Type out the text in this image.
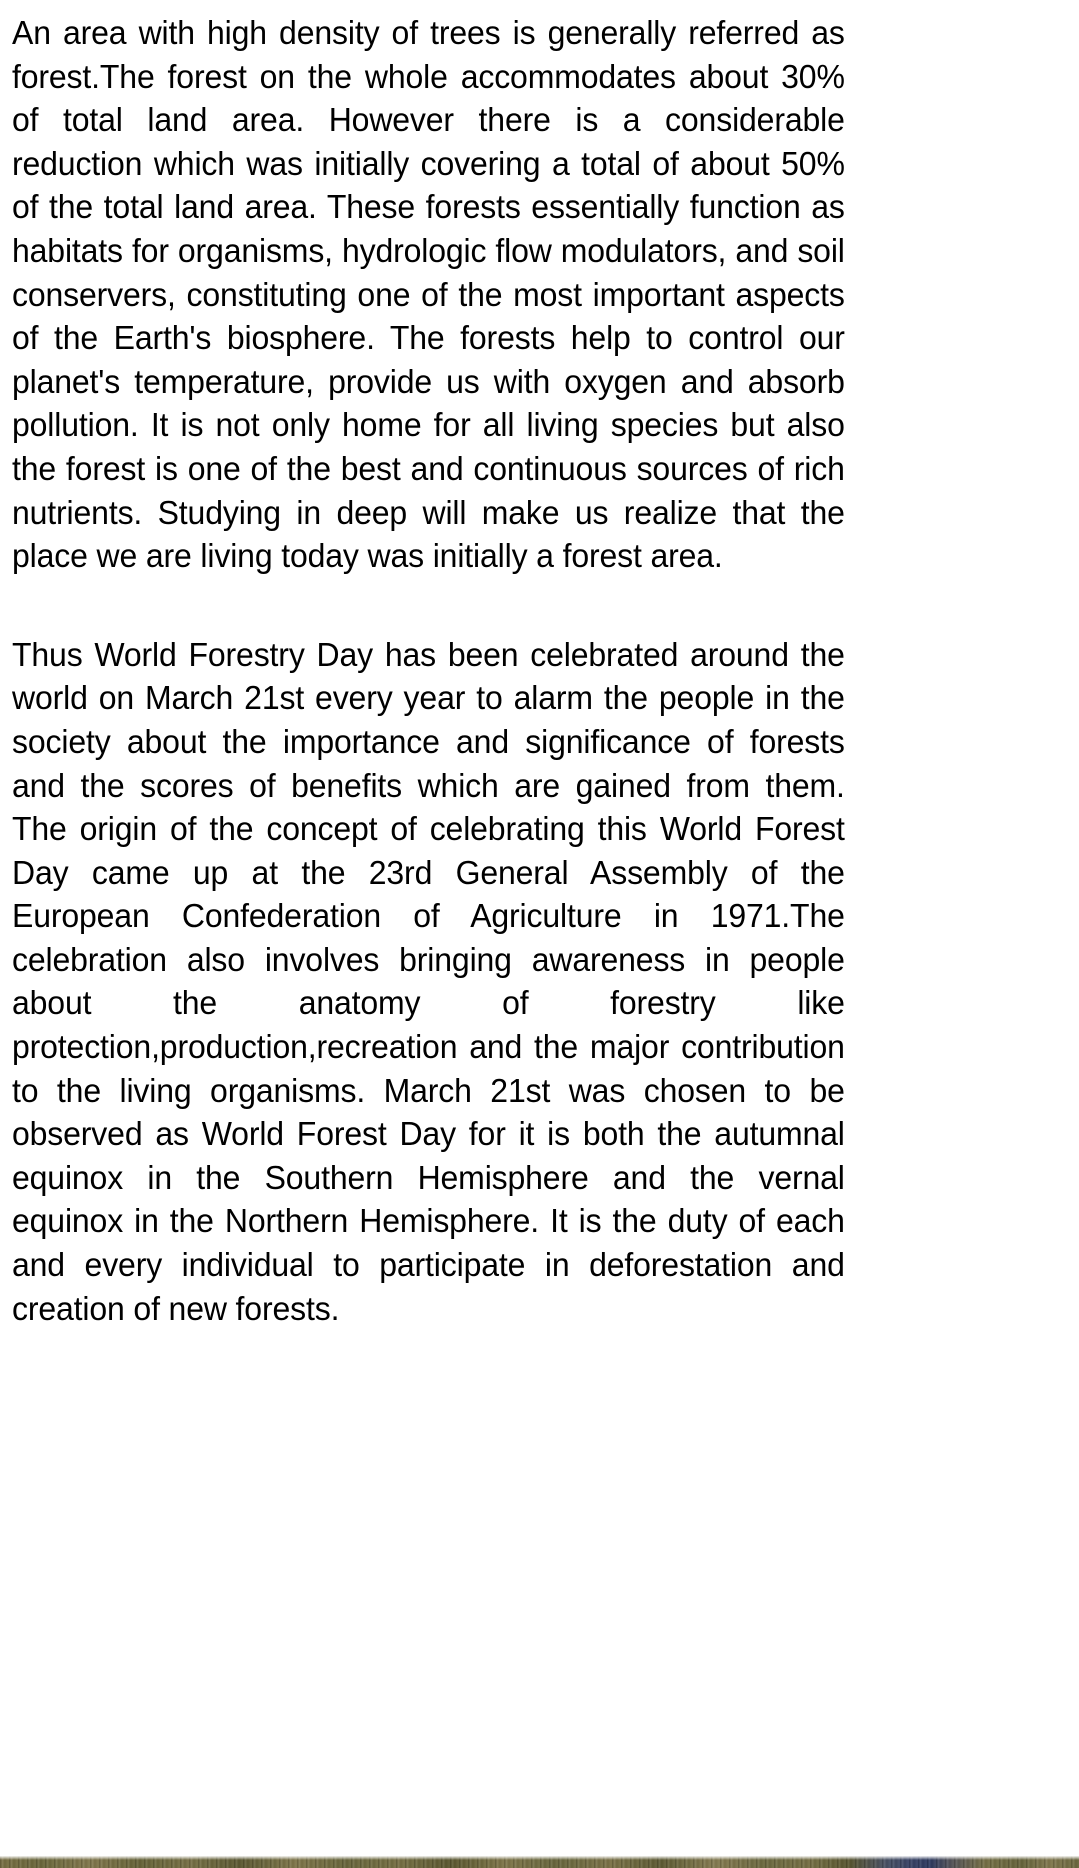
An area with high density of trees is generally referred as forest.The forest on the whole accommodates about 30% of total land area. However there is a considerable reduction which was initially covering a total of about 50% of the total land area. These forests essentially function as habitats for organisms, hydrologic flow modulators, and soil conservers, constituting one of the most important aspects of the Earth's biosphere. The forests help to control our planet's temperature, provide us with oxygen and absorb pollution. It is not only home for all living species but also the forest is one of the best and continuous sources of rich nutrients. Studying in deep will make us realize that the place we are living today was initially a forest area.

Thus World Forestry Day has been celebrated around the world on March 21st every year to alarm the people in the society about the importance and significance of forests and the scores of benefits which are gained from them. The origin of the concept of celebrating this World Forest Day came up at the 23rd General Assembly of the European Confederation of Agriculture in 1971.The celebration also involves bringing awareness in people about the anatomy of forestry like protection,production,recreation and the major contribution to the living organisms. March 21st was chosen to be observed as World Forest Day for it is both the autumnal equinox in the Southern Hemisphere and the vernal equinox in the Northern Hemisphere. It is the duty of each and every individual to participate in deforestation and creation of new forests.
